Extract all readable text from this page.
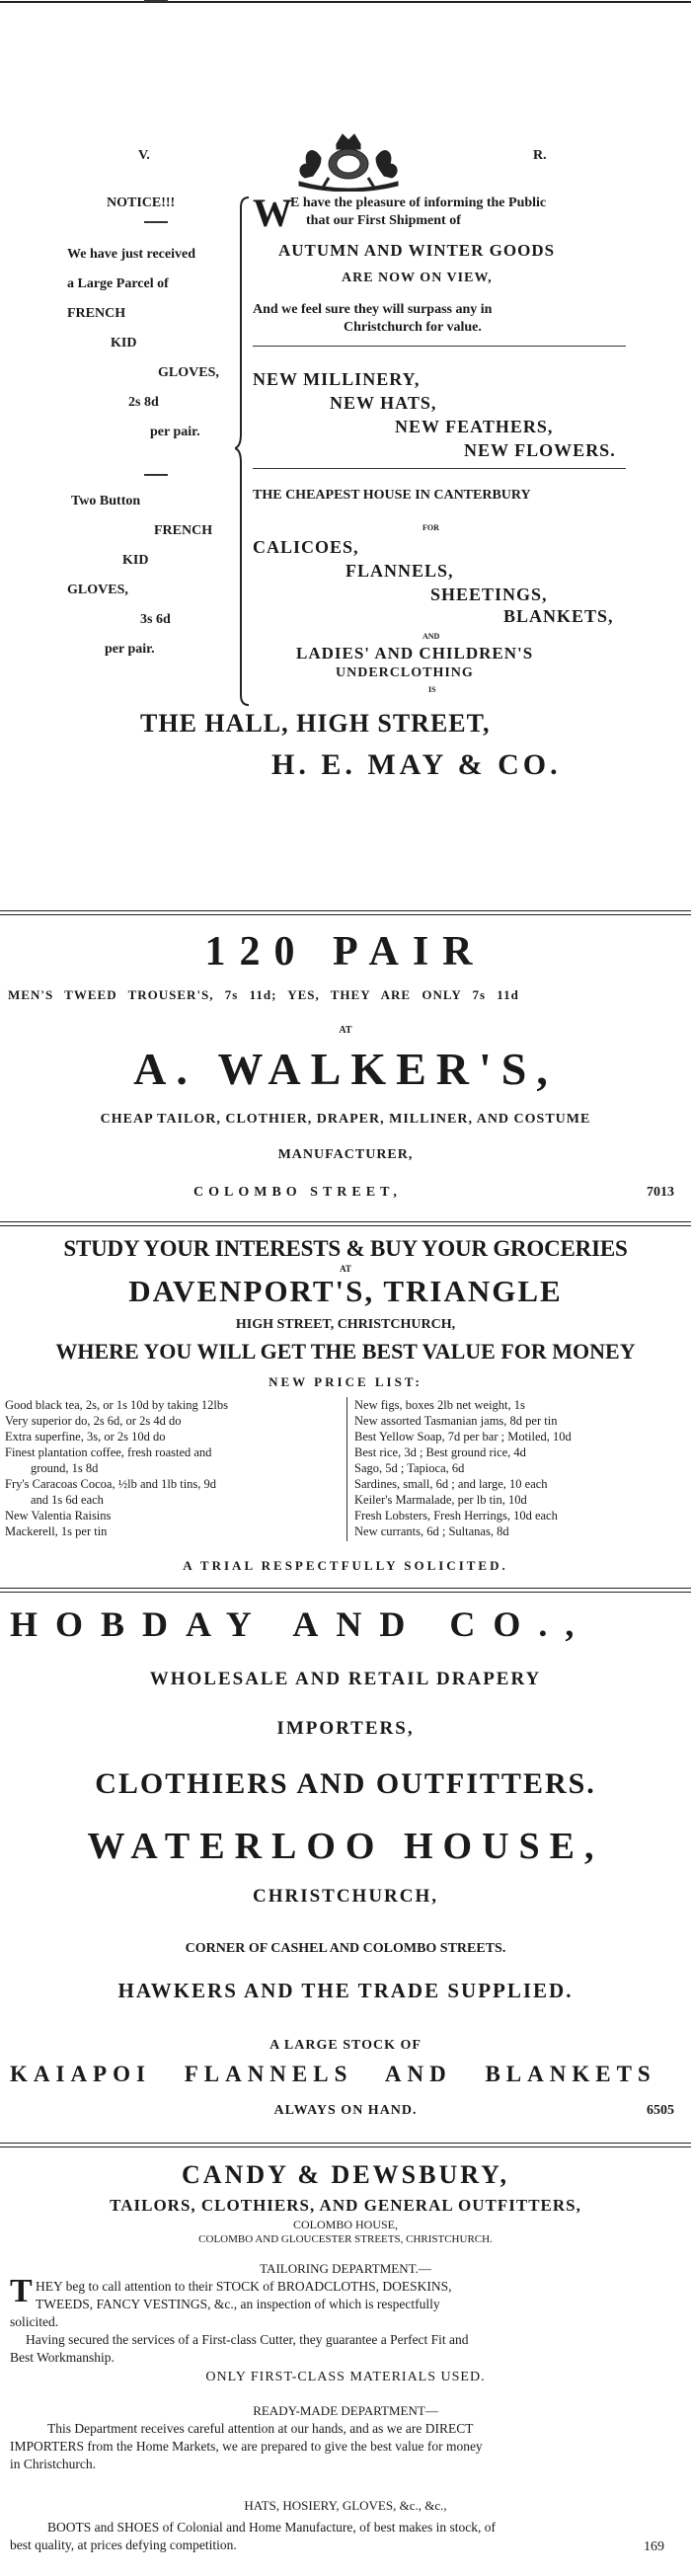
V.	R.
NOTICE!!!
We have just received
a Large Parcel of
FRENCH
KID
GLOVES,
2s 8d
per pair.
Two Button
FRENCH
KID
GLOVES,
3s 6d
per pair.
W
E have the pleasure of informing the Public
that our First Shipment of
AUTUMN AND WINTER GOODS
ARE NOW ON VIEW,
And we feel sure they will surpass any in
Christchurch for value.
NEW MILLINERY,
NEW HATS,
NEW FEATHERS,
NEW FLOWERS.
THE CHEAPEST HOUSE IN CANTERBURY
FOR
CALICOES,
FLANNELS,
SHEETINGS,
BLANKETS,
AND
LADIES' AND CHILDREN'S
UNDERCLOTHING
IS
THE HALL, HIGH STREET,
H. E. MAY & CO.
120 PAIR
MEN'S TWEED TROUSER'S, 7s 11d; YES, THEY ARE ONLY 7s 11d
AT
A. WALKER'S,
CHEAP TAILOR, CLOTHIER, DRAPER, MILLINER, AND COSTUME
MANUFACTURER,
COLOMBO STREET,	7013
STUDY YOUR INTERESTS & BUY YOUR GROCERIES
AT
DAVENPORT'S, TRIANGLE
HIGH STREET, CHRISTCHURCH,
WHERE YOU WILL GET THE BEST VALUE FOR MONEY
NEW PRICE LIST:
Good black tea, 2s, or 1s 10d by taking 12lbs
Very superior do, 2s 6d, or 2s 4d do
Extra superfine, 3s, or 2s 10d do
Finest plantation coffee, fresh roasted and
ground, 1s 8d
Fry's Caracoas Cocoa, ½lb and 1lb tins, 9d
and 1s 6d each
New Valentia Raisins
Mackerell, 1s per tin
New figs, boxes 2lb net weight, 1s
New assorted Tasmanian jams, 8d per tin
Best Yellow Soap, 7d per bar ; Motiled, 10d
Best rice, 3d ; Best ground rice, 4d
Sago, 5d ; Tapioca, 6d
Sardines, small, 6d ; and large, 10 each
Keiler's Marmalade, per lb tin, 10d
Fresh Lobsters, Fresh Herrings, 10d each
New currants, 6d ; Sultanas, 8d
A TRIAL RESPECTFULLY SOLICITED.
HOBDAY AND CO.,
WHOLESALE AND RETAIL DRAPERY
IMPORTERS,
CLOTHIERS AND OUTFITTERS.
WATERLOO HOUSE,
CHRISTCHURCH,
CORNER OF CASHEL AND COLOMBO STREETS.
HAWKERS AND THE TRADE SUPPLIED.
A LARGE STOCK OF
KAIAPOI FLANNELS AND BLANKETS
ALWAYS ON HAND.	6505
CANDY & DEWSBURY,
TAILORS, CLOTHIERS, AND GENERAL OUTFITTERS,
COLOMBO HOUSE,
COLOMBO AND GLOUCESTER STREETS, CHRISTCHURCH.
TAILORING DEPARTMENT.—
T HEY beg to call attention to their STOCK of BROADCLOTHS, DOESKINS,
TWEEDS, FANCY VESTINGS, &c., an inspection of which is respectfully
solicited.
Having secured the services of a First-class Cutter, they guarantee a Perfect Fit and
Best Workmanship.
ONLY FIRST-CLASS MATERIALS USED.
READY-MADE DEPARTMENT—
This Department receives careful attention at our hands, and as we are DIRECT
IMPORTERS from the Home Markets, we are prepared to give the best value for money
in Christchurch.
HATS, HOSIERY, GLOVES, &c., &c.,
BOOTS and SHOES of Colonial and Home Manufacture, of best makes in stock, of
best quality, at prices defying competition.	169
